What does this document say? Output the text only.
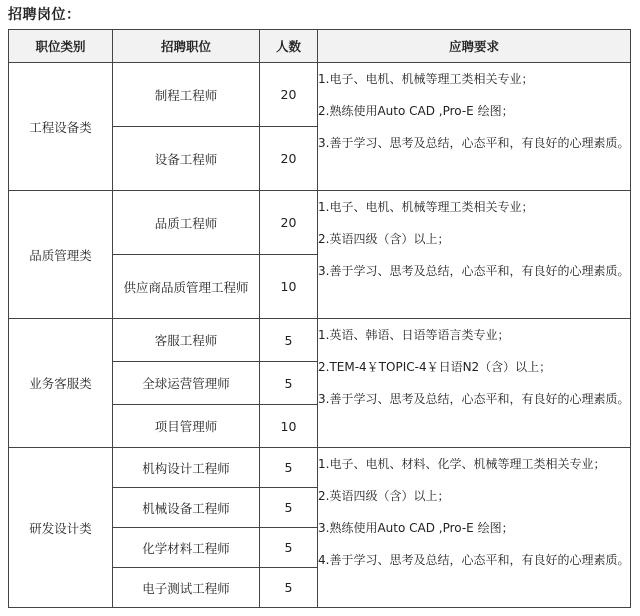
招聘岗位：
职位类别	招聘职位	人数	应聘要求
工程设备类	制程工程师	20	1.电子、电机、机械等理工类相关专业；
2.熟练使用Auto CAD ,Pro-E 绘图；
3.善于学习、思考及总结，心态平和，有良好的心理素质。

	设备工程师	20	
品质管理类	品质工程师	20	1.电子、电机、机械等理工类相关专业；
2.英语四级（含）以上；
3.善于学习、思考及总结，心态平和，有良好的心理素质。

	供应商品质管理工程师	10	
业务客服类	客服工程师	5	1.英语、韩语、日语等语言类专业；
2.TEM-4￥TOPIC-4￥日语N2（含）以上；
3.善于学习、思考及总结，心态平和，有良好的心理素质。

	全球运营管理师	5	
	项目管理师	10	
研发设计类	机构设计工程师	5	1.电子、电机、材料、化学、机械等理工类相关专业；
2.英语四级（含）以上；
3.熟练使用Auto CAD ,Pro-E 绘图；
4.善于学习、思考及总结，心态平和，有良好的心理素质。

	机械设备工程师	5	
	化学材料工程师	5	
	电子测试工程师	5	
